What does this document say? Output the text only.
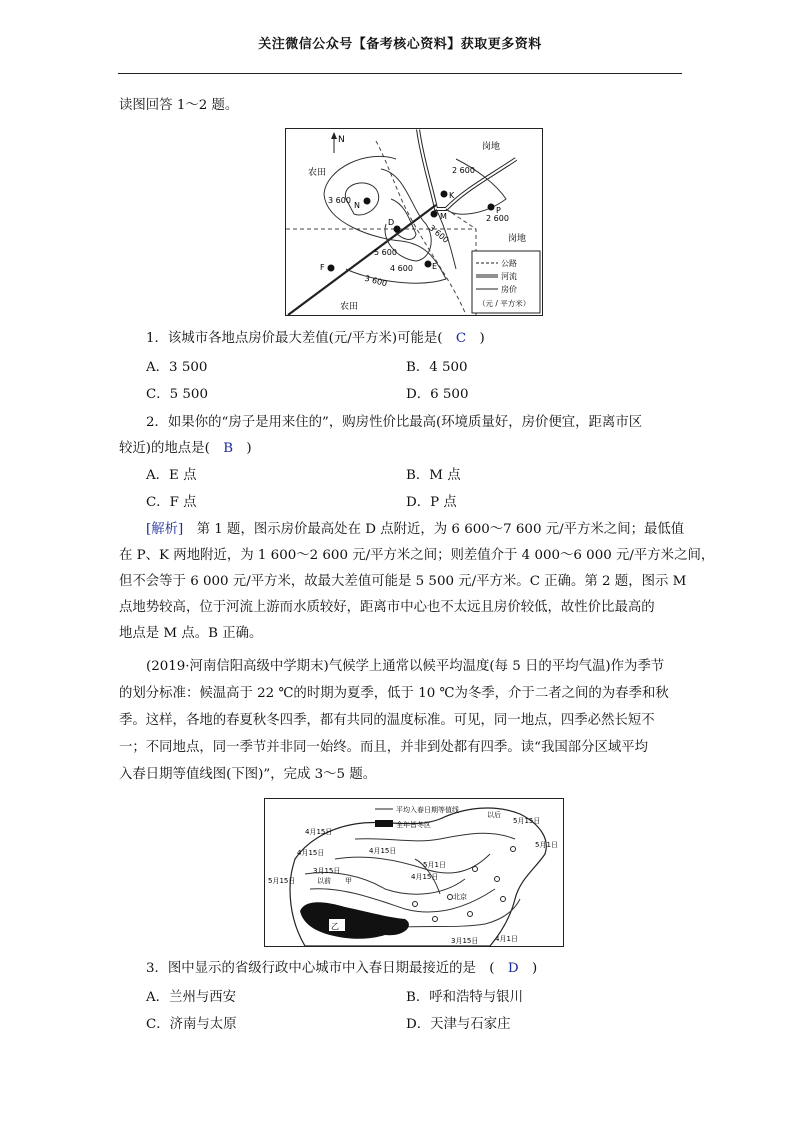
关注微信公众号【备考核心资料】获取更多资料
读图回答 1～2 题。
N
N
K
P
M
D
E
F
2 600
3 600
2 600
3 600
5 600
4 600
3 600
农田
农田
岗地
岗地
公路
河流
房价
（元 / 平方米）
1．该城市各地点房价最大差值(元/平方米)可能是(　 C　 )
A．3 500	B．4 500
C．5 500	D．6 500
2．如果你的“房子是用来住的”，购房性价比最高(环境质量好，房价便宜，距离市区
较近)的地点是(　 B　 )
A．E 点	B．M 点
C．F 点	D．P 点
[解析]　第 1 题，图示房价最高处在 D 点附近，为 6 600～7 600 元/平方米之间；最低值
在 P、K 两地附近，为 1 600～2 600 元/平方米之间；则差值介于 4 000～6 000 元/平方米之间，
但不会等于 6 000 元/平方米，故最大差值可能是 5 500 元/平方米。C 正确。第 2 题，图示 M
点地势较高，位于河流上游而水质较好，距离市中心也不太远且房价较低，故性价比最高的
地点是 M 点。B 正确。
(2019·河南信阳高级中学期末)气候学上通常以候平均温度(每 5 日的平均气温)作为季节
的划分标准：候温高于 22 ℃的时期为夏季，低于 10 ℃为冬季，介于二者之间的为春季和秋
季。这样，各地的春夏秋冬四季，都有共同的温度标准。可见，同一地点，四季必然长短不
一；不同地点，同一季节并非同一始终。而且，并非到处都有四季。读“我国部分区域平均
入春日期等值线图(下图)”，完成 3～5 题。
乙
平均入春日期等值线
全年皆冬区
4月15日
4月15日
5月15日
3月15日
以前 甲
4月15日
4月15日
5月1日
以后
5月15日
5月1日
北京
3月15日 4月1日
3．图中显示的省级行政中心城市中入春日期最接近的是　(　 D　 )
A．兰州与西安	B．呼和浩特与银川
C．济南与太原	D．天津与石家庄
